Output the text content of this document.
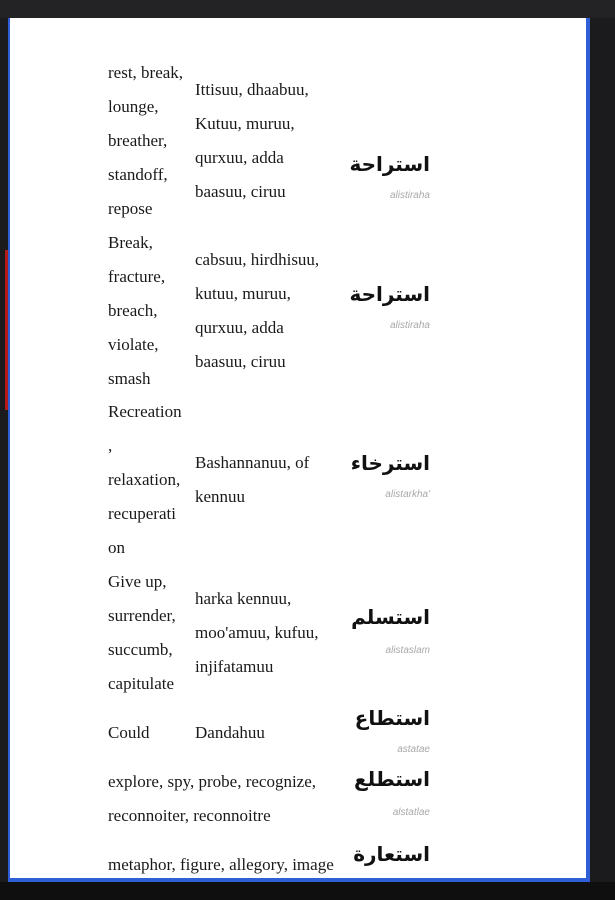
rest, break, lounge, breather, standoff, repose
Ittisuu, dhaabuu, Kutuu, muruu, qurxuu, adda baasuu, ciruu
استراحة
alistiraha
Break, fracture, breach, violate, smash
cabsuu, hirdhisuu, kutuu, muruu, qurxuu, adda baasuu, ciruu
استراحة
alistiraha
Recreation , relaxation, recuperati on
Bashannanuu, of kennuu
استرخاء
alistarkha'
Give up, surrender, succumb, capitulate
harka kennuu, moo'amuu, kufuu, injifatamuu
استسلم
alistaslam
Could	Dandahuu
استطاع
astatae
explore, spy, probe, recognize, reconnoiter, reconnoitre
استطلع
alstatlae
metaphor, figure, allegory, image استعارة
